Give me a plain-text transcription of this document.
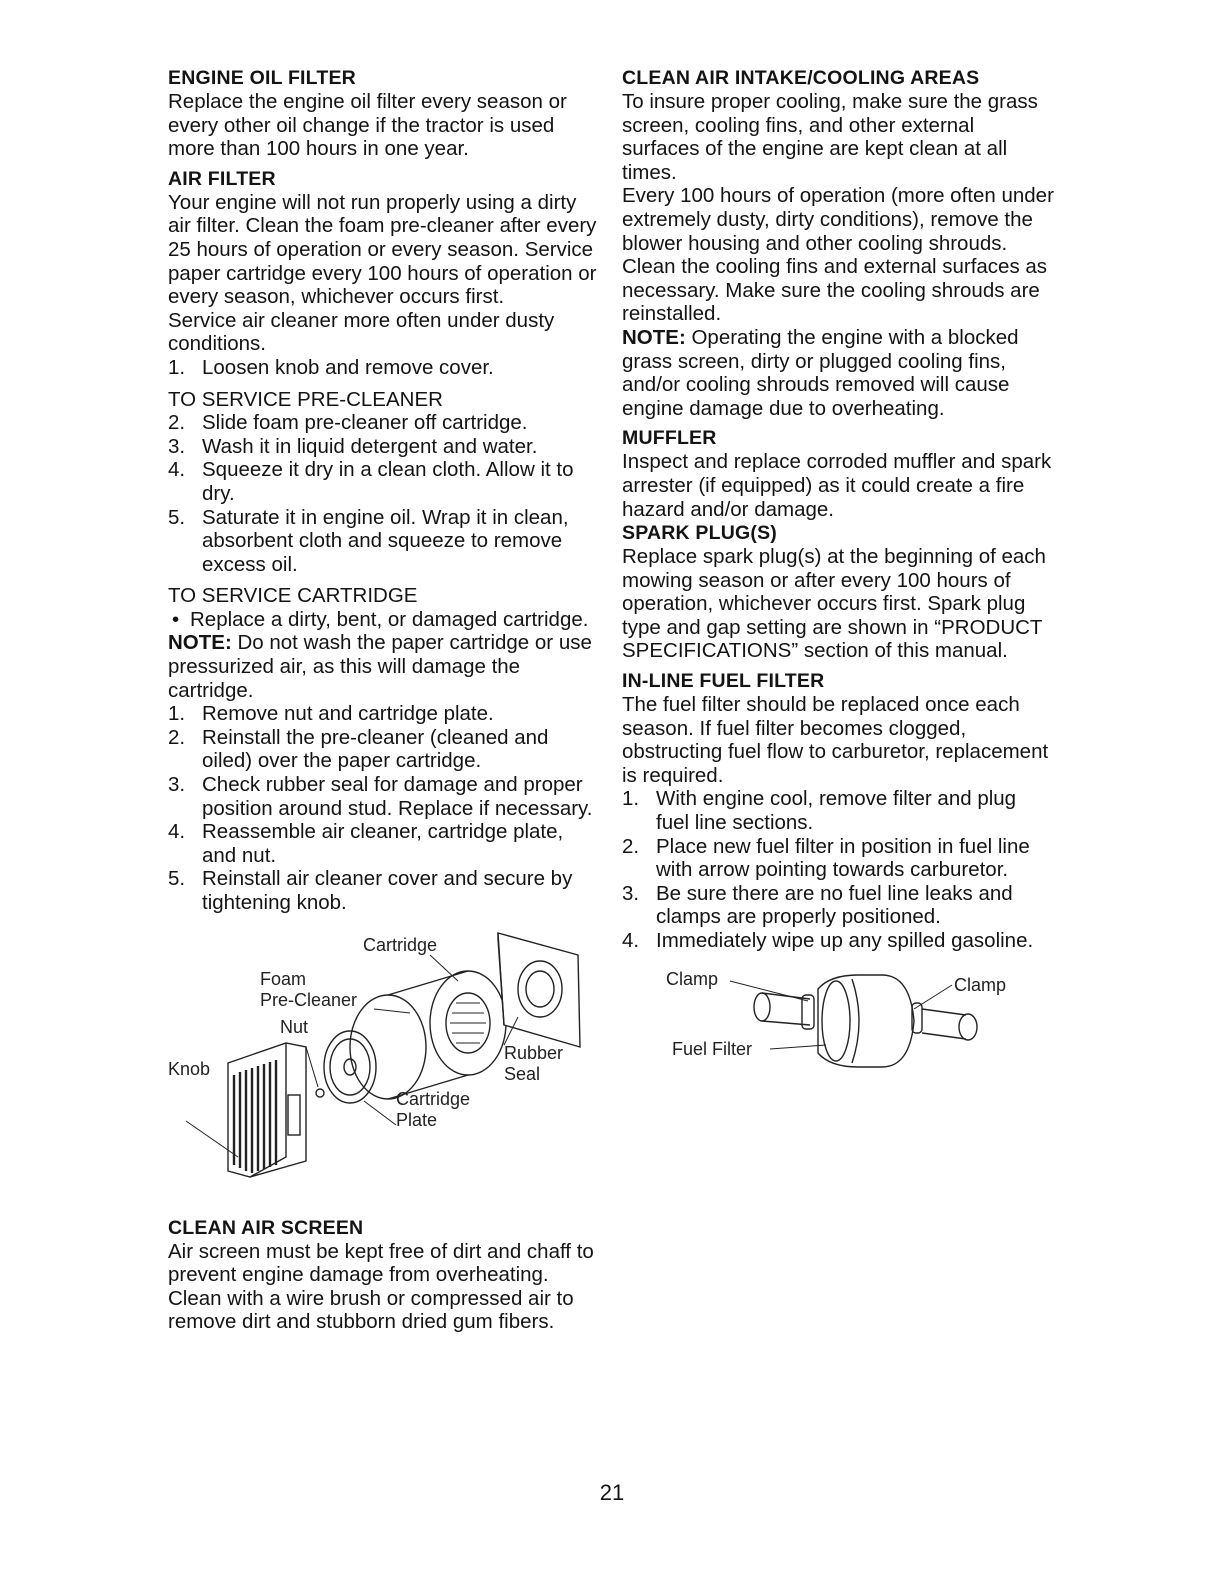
ENGINE OIL FILTER

Replace the engine oil filter every season or every other oil change if the tractor is used more than 100 hours in one year.

AIR FILTER

Your engine will not run properly using a dirty air filter. Clean the foam pre-cleaner after every 25 hours of operation or every season. Service paper cartridge every 100 hours of operation or every season, whichever occurs first.

Service air cleaner more often under dusty conditions.

1. Loosen knob and remove cover.

TO SERVICE PRE-CLEANER

2. Slide foam pre-cleaner off cartridge.
3. Wash it in liquid detergent and water.
4. Squeeze it dry in a clean cloth. Allow it to dry.
5. Saturate it in engine oil. Wrap it in clean, absorbent cloth and squeeze to remove excess oil.

TO SERVICE CARTRIDGE

• Replace a dirty, bent, or damaged cartridge.

NOTE: Do not wash the paper cartridge or use pressurized air, as this will damage the cartridge.

1. Remove nut and cartridge plate.
2. Reinstall the pre-cleaner (cleaned and oiled) over the paper cartridge.
3. Check rubber seal for damage and proper position around stud. Replace if necessary.
4. Reassemble air cleaner, cartridge plate, and nut.
5. Reinstall air cleaner cover and secure by tightening knob.
Cartridge
Foam
Pre-Cleaner
Nut
Knob
Rubber
Seal
Cartridge
Plate
CLEAN AIR SCREEN

Air screen must be kept free of dirt and chaff to prevent engine damage from overheating. Clean with a wire brush or compressed air to remove dirt and stubborn dried gum fibers.

CLEAN AIR INTAKE/COOLING AREAS

To insure proper cooling, make sure the grass screen, cooling fins, and other external surfaces of the engine are kept clean at all times.

Every 100 hours of operation (more often under extremely dusty, dirty conditions), remove the blower housing and other cooling shrouds. Clean the cooling fins and external surfaces as necessary. Make sure the cooling shrouds are reinstalled.

NOTE: Operating the engine with a blocked grass screen, dirty or plugged cooling fins, and/or cooling shrouds removed will cause engine damage due to overheating.

MUFFLER

Inspect and replace corroded muffler and spark arrester (if equipped) as it could create a fire hazard and/or damage.

SPARK PLUG(S)

Replace spark plug(s) at the beginning of each mowing season or after every 100 hours of operation, whichever occurs first. Spark plug type and gap setting are shown in “PRODUCT SPECIFICATIONS” section of this manual.

IN-LINE FUEL FILTER

The fuel filter should be replaced once each season. If fuel filter becomes clogged, obstructing fuel flow to carburetor, replacement is required.

1. With engine cool, remove filter and plug fuel line sections.
2. Place new fuel filter in position in fuel line with arrow pointing towards carburetor.
3. Be sure there are no fuel line leaks and clamps are properly positioned.
4. Immediately wipe up any spilled gasoline.
Clamp	Clamp
Fuel Filter
21
